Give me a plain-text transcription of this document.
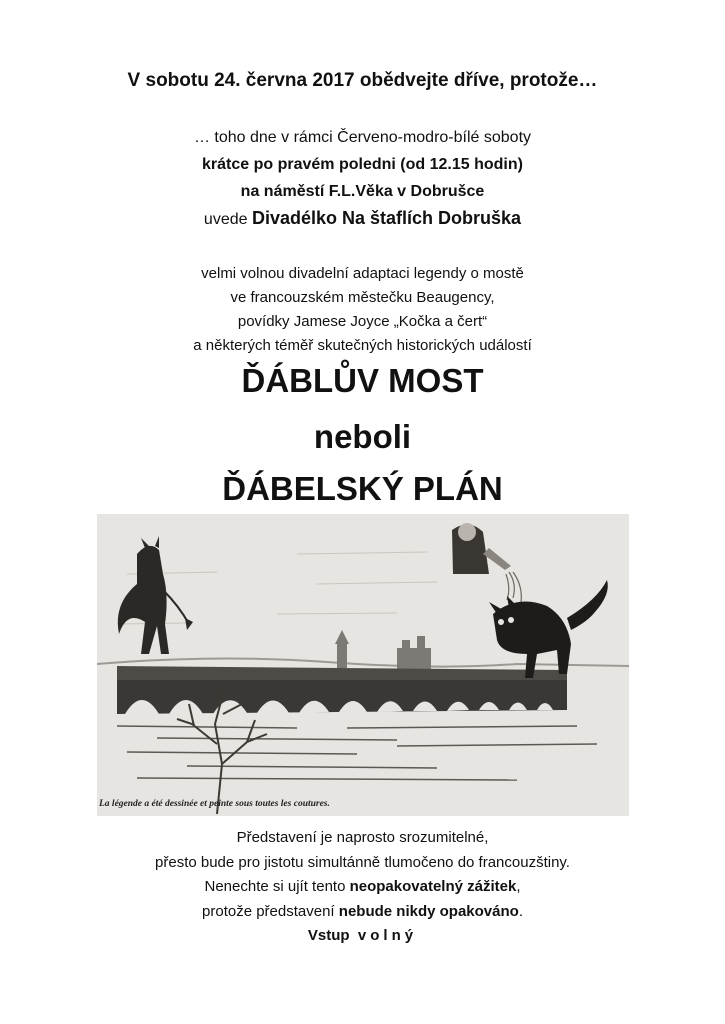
V sobotu 24. června 2017 obědvejte dříve, protože…
… toho dne v rámci Červeno-modro-bílé soboty
krátce po pravém poledni (od 12.15 hodin)
na náměstí F.L.Věka v Dobrušce
uvede Divadélko Na štaflích Dobruška
velmi volnou divadelní adaptaci legendy o mostě
ve francouzském městečku Beaugency,
povídky Jamese Joyce „Kočka a čert“
a některých téměř skutečných historických událostí
ĎÁBLŮV MOST
neboli
ĎÁBELSKÝ PLÁN
La légende a été dessinée et peinte sous toutes les coutures.
Představení je naprosto srozumitelné,
přesto bude pro jistotu simultánně tlumočeno do francouzštiny.
Nenechte si ujít tento neopakovatelný zážitek,
protože představení nebude nikdy opakováno.
Vstup volný
